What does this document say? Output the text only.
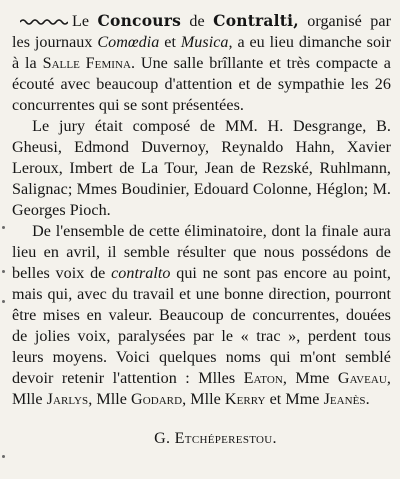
Le Concours de Contralti, organisé par les journaux Comœdia et Musica, a eu lieu dimanche soir à la Salle Femina. Une salle brîllante et très compacte a écouté avec beaucoup d'attention et de sympathie les 26 concurrentes qui se sont présentées.

Le jury était composé de MM. H. Desgrange, B. Gheusi, Edmond Duvernoy, Reynaldo Hahn, Xavier Leroux, Imbert de La Tour, Jean de Rezské, Ruhlmann, Salignac; Mmes Boudinier, Edouard Colonne, Héglon; M. Georges Pioch.

De l'ensemble de cette éliminatoire, dont la finale aura lieu en avril, il semble résulter que nous possédons de belles voix de contralto qui ne sont pas encore au point, mais qui, avec du travail et une bonne direction, pourront être mises en valeur. Beaucoup de concurrentes, douées de jolies voix, paralysées par le « trac », perdent tous leurs moyens. Voici quelques noms qui m'ont semblé devoir retenir l'attention : Mlles Eaton, Mme Gaveau, Mlle Jarlys, Mlle Godard, Mlle Kerry et Mme Jeanès.

G. Etchéperestou.
